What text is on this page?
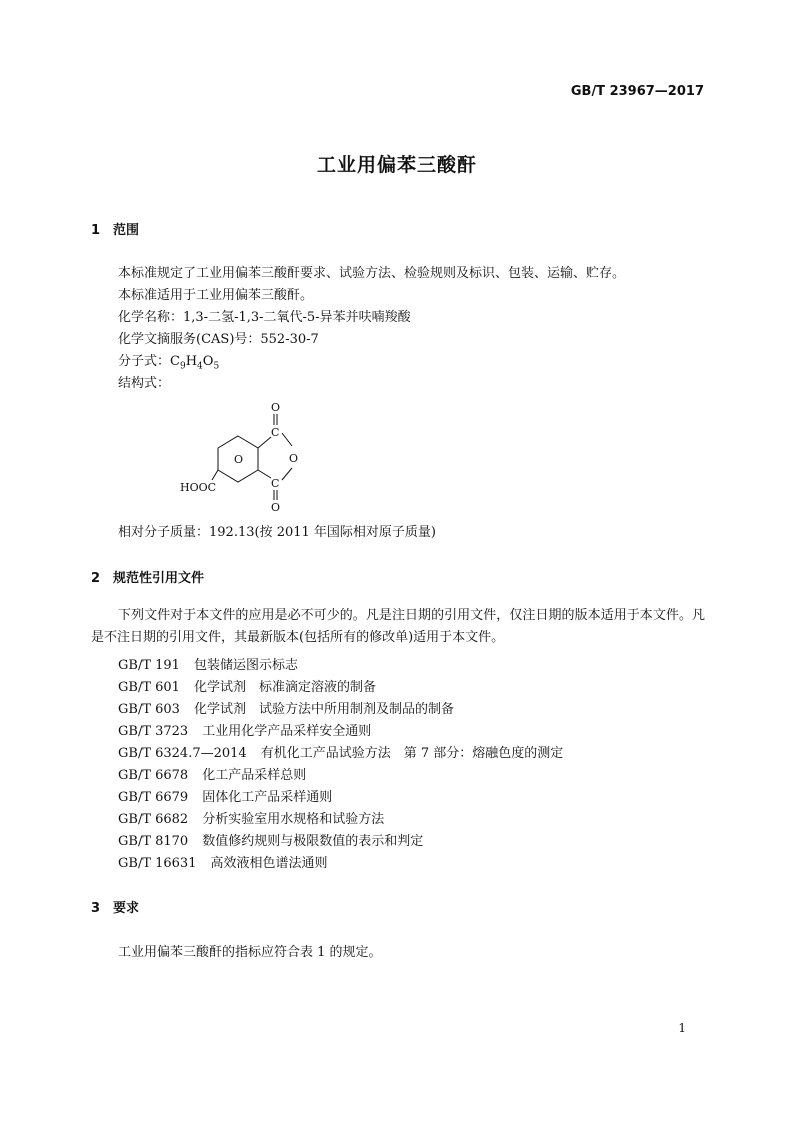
GB/T 23967—2017
工业用偏苯三酸酐
1 范围
本标准规定了工业用偏苯三酸酐要求、试验方法、检验规则及标识、包装、运输、贮存。
本标准适用于工业用偏苯三酸酐。
化学名称：1,3-二氢-1,3-二氧代-5-异苯并呋喃羧酸
化学文摘服务(CAS)号：552-30-7
分子式：$C_9H_4O_5$
结构式：
O
C
O
C
O
O
HOOC
相对分子质量：192.13(按 2011 年国际相对原子质量)
2 规范性引用文件
下列文件对于本文件的应用是必不可少的。凡是注日期的引用文件，仅注日期的版本适用于本文件。凡是不注日期的引用文件，其最新版本(包括所有的修改单)适用于本文件。
GB/T 191 包装储运图示标志
GB/T 601 化学试剂　标准滴定溶液的制备
GB/T 603 化学试剂　试验方法中所用制剂及制品的制备
GB/T 3723 工业用化学产品采样安全通则
GB/T 6324.7—2014 有机化工产品试验方法　第 7 部分：熔融色度的测定
GB/T 6678 化工产品采样总则
GB/T 6679 固体化工产品采样通则
GB/T 6682 分析实验室用水规格和试验方法
GB/T 8170 数值修约规则与极限数值的表示和判定
GB/T 16631 高效液相色谱法通则
3 要求
工业用偏苯三酸酐的指标应符合表 1 的规定。
1
